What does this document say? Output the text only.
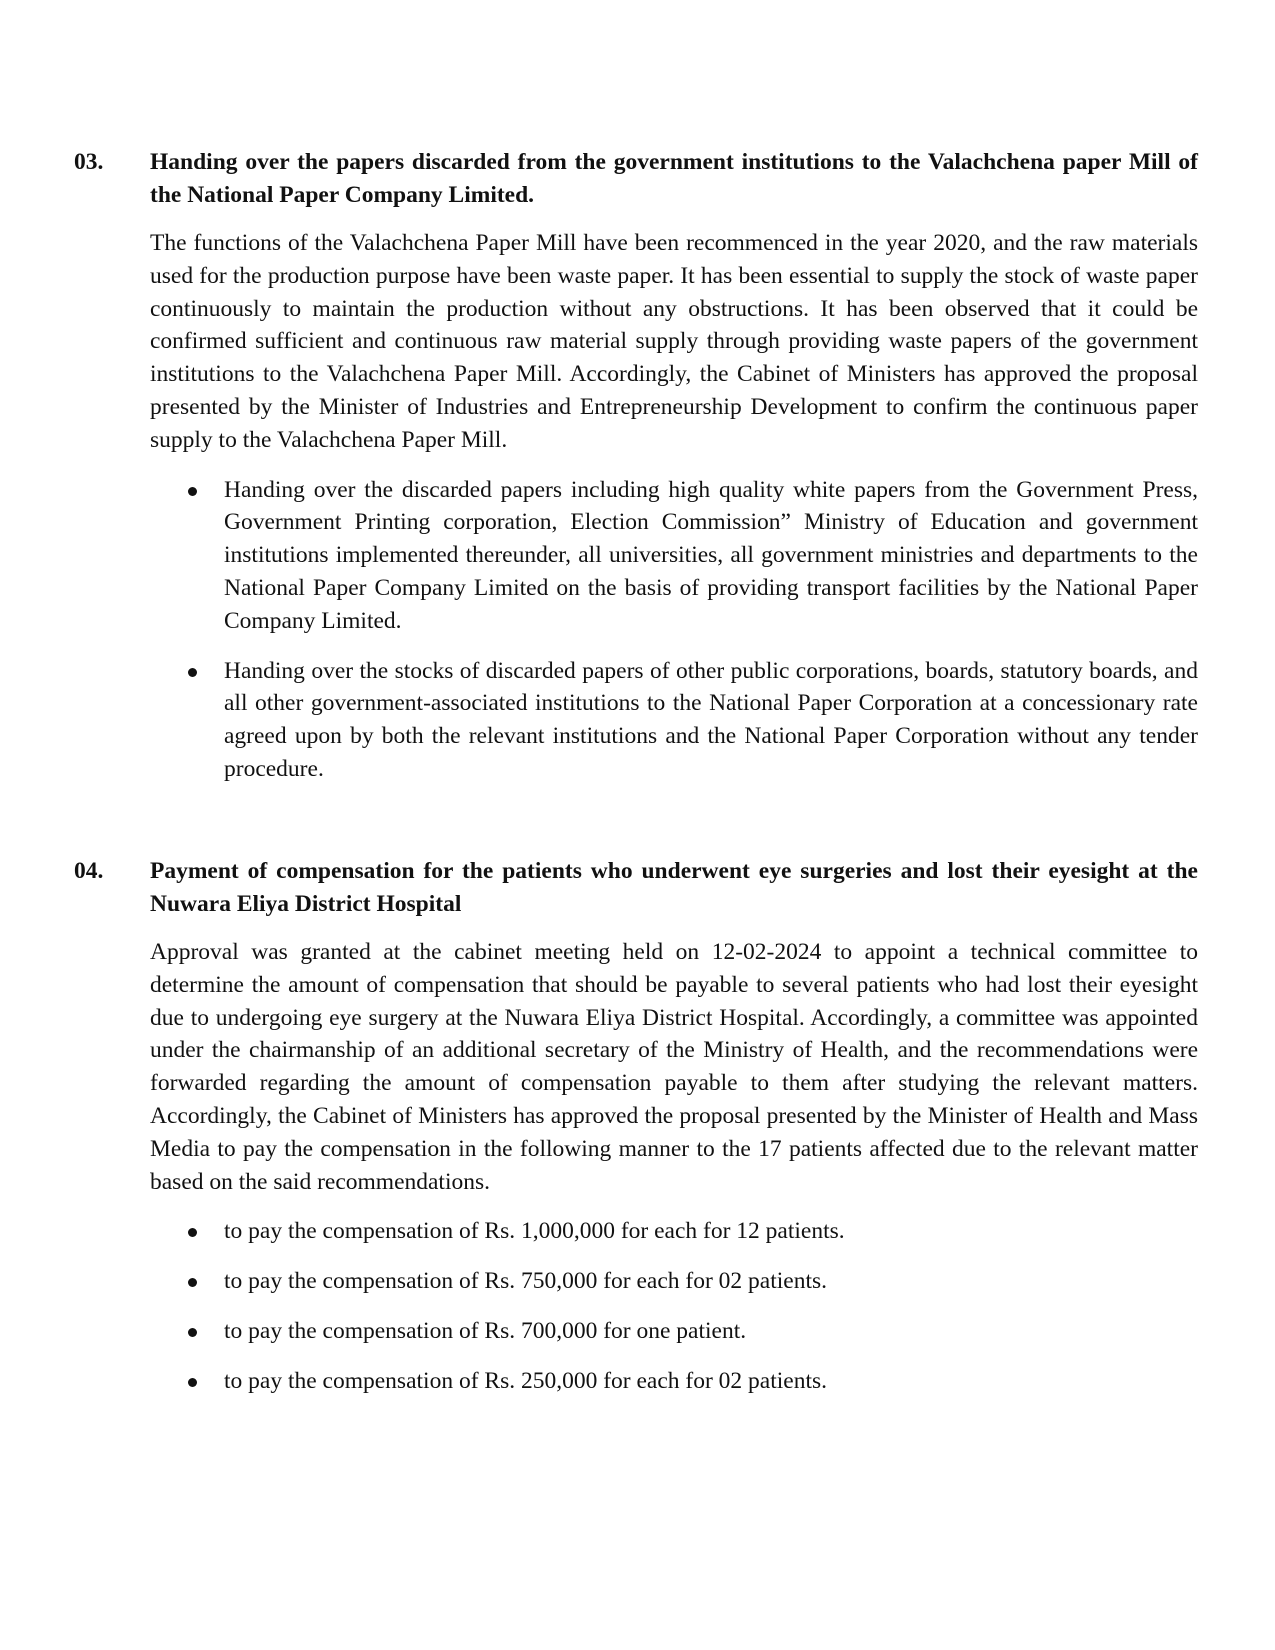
03.	Handing over the papers discarded from the government institutions to the Valachchena paper Mill of the National Paper Company Limited.
The functions of the Valachchena Paper Mill have been recommenced in the year 2020, and the raw materials used for the production purpose have been waste paper. It has been essential to supply the stock of waste paper continuously to maintain the production without any obstructions. It has been observed that it could be confirmed sufficient and continuous raw material supply through providing waste papers of the government institutions to the Valachchena Paper Mill. Accordingly, the Cabinet of Ministers has approved the proposal presented by the Minister of Industries and Entrepreneurship Development to confirm the continuous paper supply to the Valachchena Paper Mill.
Handing over the discarded papers including high quality white papers from the Government Press, Government Printing corporation, Election Commission” Ministry of Education and government institutions implemented thereunder, all universities, all government ministries and departments to the National Paper Company Limited on the basis of providing transport facilities by the National Paper Company Limited.
Handing over the stocks of discarded papers of other public corporations, boards, statutory boards, and all other government-associated institutions to the National Paper Corporation at a concessionary rate agreed upon by both the relevant institutions and the National Paper Corporation without any tender procedure.
04.	Payment of compensation for the patients who underwent eye surgeries and lost their eyesight at the Nuwara Eliya District Hospital
Approval was granted at the cabinet meeting held on 12-02-2024 to appoint a technical committee to determine the amount of compensation that should be payable to several patients who had lost their eyesight due to undergoing eye surgery at the Nuwara Eliya District Hospital. Accordingly, a committee was appointed under the chairmanship of an additional secretary of the Ministry of Health, and the recommendations were forwarded regarding the amount of compensation payable to them after studying the relevant matters. Accordingly, the Cabinet of Ministers has approved the proposal presented by the Minister of Health and Mass Media to pay the compensation in the following manner to the 17 patients affected due to the relevant matter based on the said recommendations.
to pay the compensation of Rs. 1,000,000 for each for 12 patients.
to pay the compensation of Rs. 750,000 for each for 02 patients.
to pay the compensation of Rs. 700,000 for one patient.
to pay the compensation of Rs. 250,000 for each for 02 patients.
